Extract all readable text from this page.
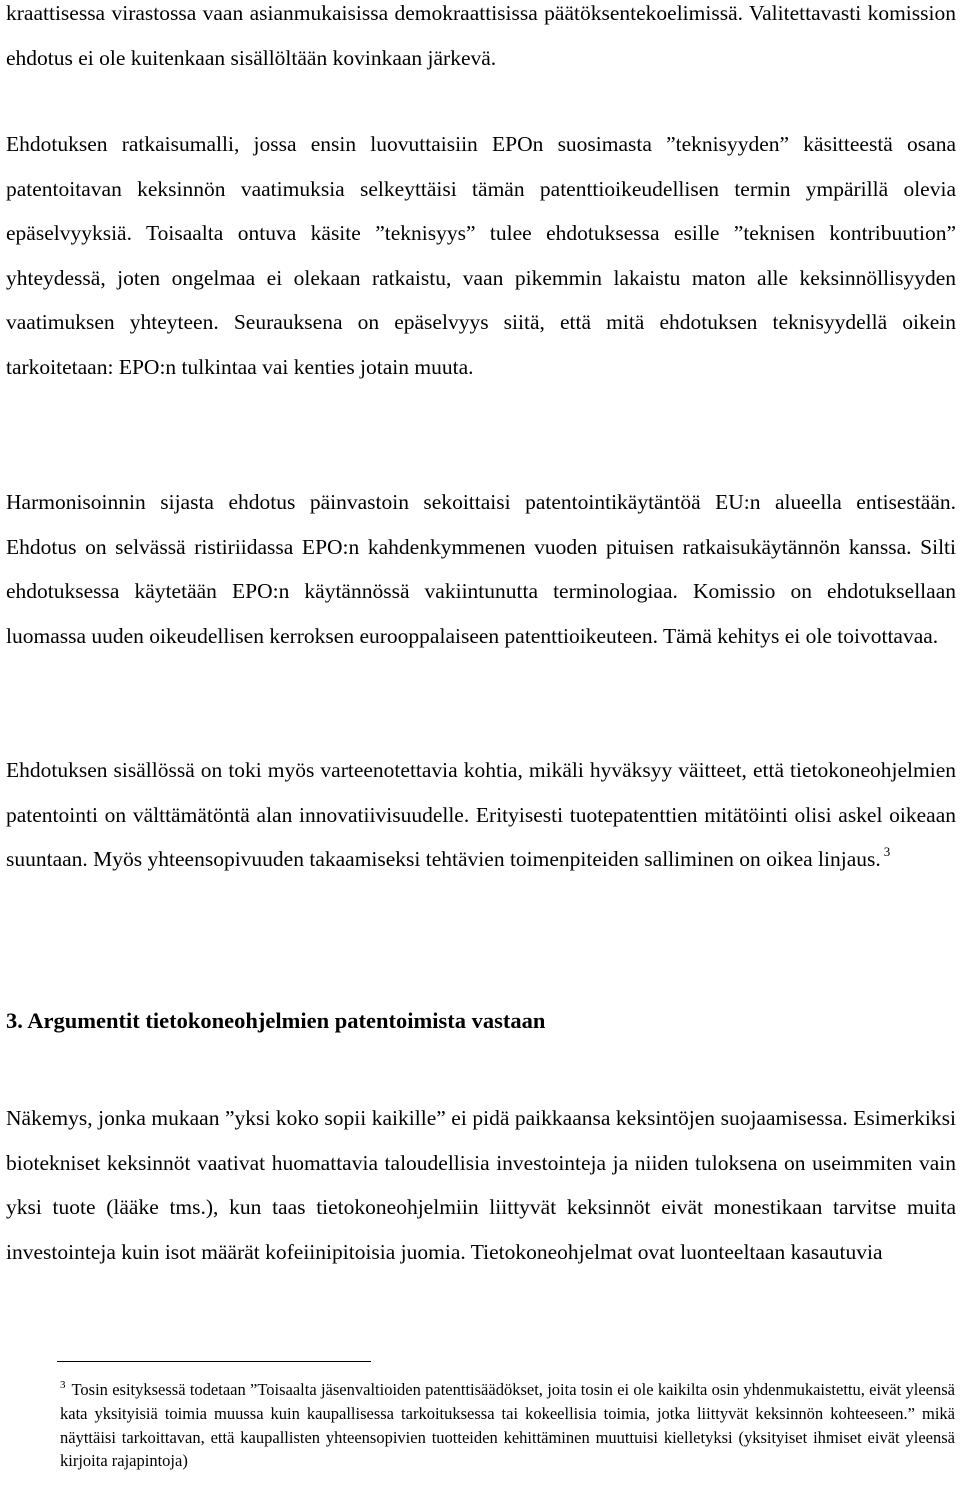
kraattisessa virastossa vaan asianmukaisissa demokraattisissa päätöksentekoelimissä. Valitettavasti komission ehdotus ei ole kuitenkaan sisällöltään kovinkaan järkevä.

Ehdotuksen ratkaisumalli, jossa ensin luovuttaisiin EPOn suosimasta ”teknisyyden” käsitteestä osana patentoitavan keksinnön vaatimuksia selkeyttäisi tämän patenttioikeudellisen termin ympärillä olevia epäselvyyksiä. Toisaalta ontuva käsite ”teknisyys” tulee ehdotuksessa esille ”teknisen kontribuution” yhteydessä, joten ongelmaa ei olekaan ratkaistu, vaan pikemmin lakaistu maton alle keksinnöllisyyden vaatimuksen yhteyteen. Seurauksena on epäselvyys siitä, että mitä ehdotuksen teknisyydellä oikein tarkoitetaan: EPO:n tulkintaa vai kenties jotain muuta.

Harmonisoinnin sijasta ehdotus päinvastoin sekoittaisi patentointikäytäntöä EU:n alueella entisestään. Ehdotus on selvässä ristiriidassa EPO:n kahdenkymmenen vuoden pituisen ratkaisukäytännön kanssa. Silti ehdotuksessa käytetään EPO:n käytännössä vakiintunutta terminologiaa. Komissio on ehdotuksellaan luomassa uuden oikeudellisen kerroksen eurooppalaiseen patenttioikeuteen. Tämä kehitys ei ole toivottavaa.

Ehdotuksen sisällössä on toki myös varteenotettavia kohtia, mikäli hyväksyy väitteet, että tietokoneohjelmien patentointi on välttämätöntä alan innovatiivisuudelle. Erityisesti tuotepatenttien mitätöinti olisi askel oikeaan suuntaan. Myös yhteensopivuuden takaamiseksi tehtävien toimenpiteiden salliminen on oikea linjaus. $^3$

3. Argumentit tietokoneohjelmien patentoimista vastaan

Näkemys, jonka mukaan ”yksi koko sopii kaikille” ei pidä paikkaansa keksintöjen suojaamisessa. Esimerkiksi biotekniset keksinnöt vaativat huomattavia taloudellisia investointeja ja niiden tuloksena on useimmiten vain yksi tuote (lääke tms.), kun taas tietokoneohjelmiin liittyvät keksinnöt eivät monestikaan tarvitse muita investointeja kuin isot määrät kofeiinipitoisia juomia. Tietokoneohjelmat ovat luonteeltaan kasautuvia

$^3$ Tosin esityksessä todetaan ”Toisaalta jäsenvaltioiden patenttisäädökset, joita tosin ei ole kaikilta osin yhdenmukaistettu, eivät yleensä kata yksityisiä toimia muussa kuin kaupallisessa tarkoituksessa tai kokeellisia toimia, jotka liittyvät keksinnön kohteeseen.” mikä näyttäisi tarkoittavan, että kaupallisten yhteensopivien tuotteiden kehittäminen muuttuisi kielletyksi (yksityiset ihmiset eivät yleensä kirjoita rajapintoja)
